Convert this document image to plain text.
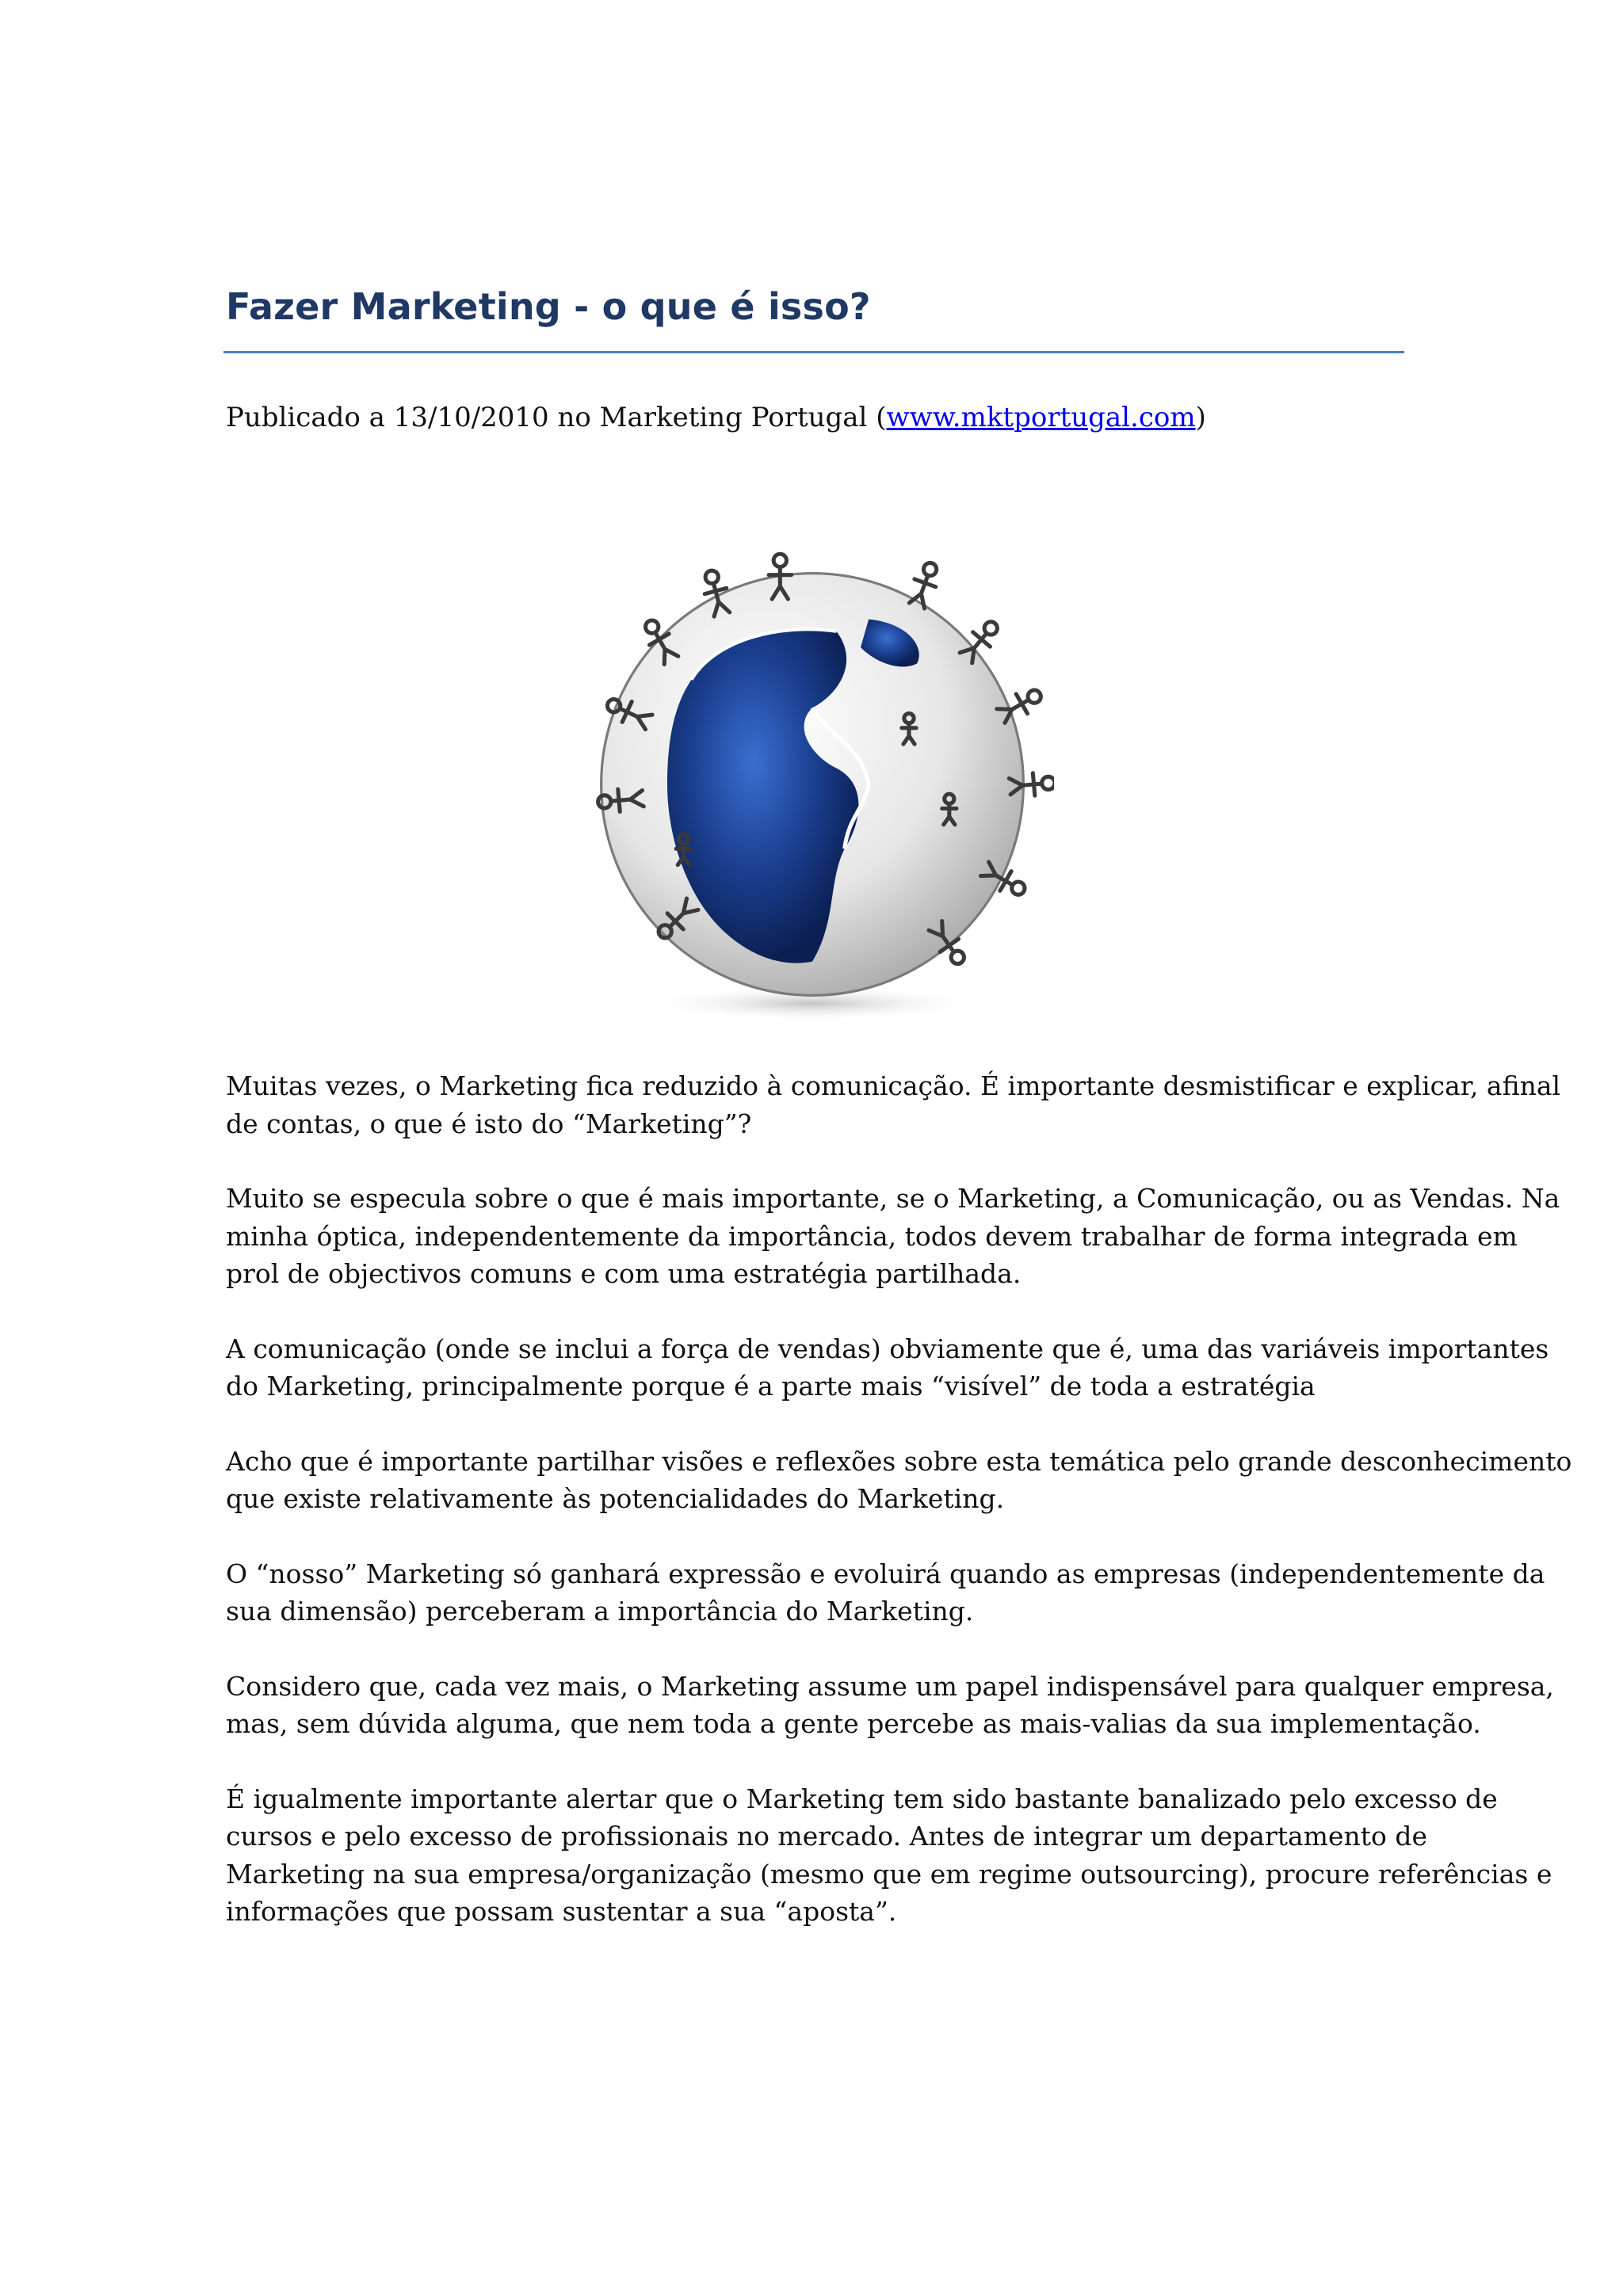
Fazer Marketing - o que é isso?

Publicado a 13/10/2010 no Marketing Portugal (www.mktportugal.com)

Muitas vezes, o Marketing fica reduzido à comunicação. É importante desmistificar e explicar, afinal
de contas, o que é isto do “Marketing”?

Muito se especula sobre o que é mais importante, se o Marketing, a Comunicação, ou as Vendas. Na
minha óptica, independentemente da importância, todos devem trabalhar de forma integrada em
prol de objectivos comuns e com uma estratégia partilhada.

A comunicação (onde se inclui a força de vendas) obviamente que é, uma das variáveis importantes
do Marketing, principalmente porque é a parte mais “visível” de toda a estratégia

Acho que é importante partilhar visões e reflexões sobre esta temática pelo grande desconhecimento
que existe relativamente às potencialidades do Marketing.

O “nosso” Marketing só ganhará expressão e evoluirá quando as empresas (independentemente da
sua dimensão) perceberam a importância do Marketing.

Considero que, cada vez mais, o Marketing assume um papel indispensável para qualquer empresa,
mas, sem dúvida alguma, que nem toda a gente percebe as mais-valias da sua implementação.

É igualmente importante alertar que o Marketing tem sido bastante banalizado pelo excesso de
cursos e pelo excesso de profissionais no mercado. Antes de integrar um departamento de
Marketing na sua empresa/organização (mesmo que em regime outsourcing), procure referências e
informações que possam sustentar a sua “aposta”.
